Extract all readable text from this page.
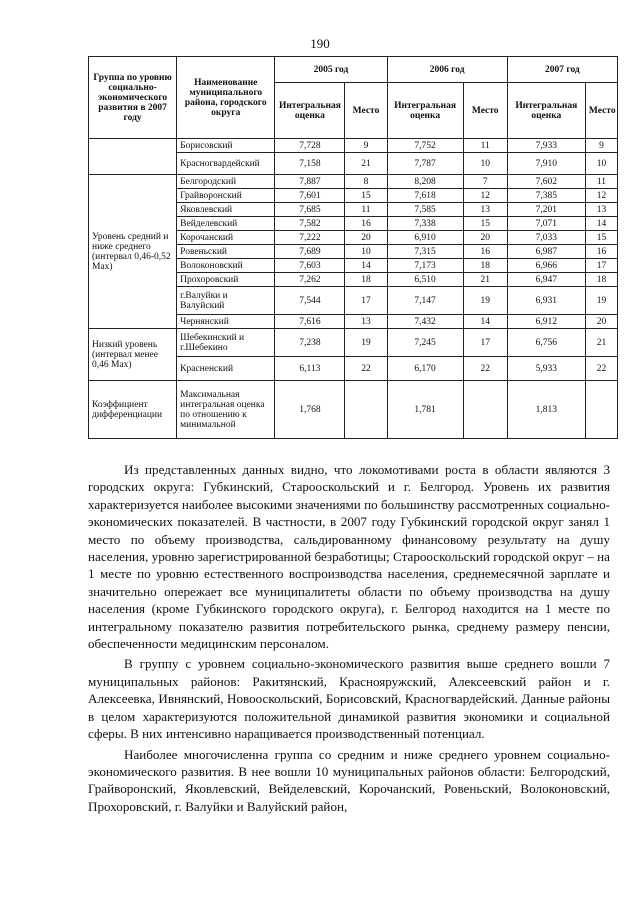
190
Группа по уровню социально-экономического развития в 2007 году	Наименование муниципального района, городского округа	2005 год		2006 год		2007 год	
		Интегральная оценка	Место	Интегральная оценка	Место	Интегральная оценка	Место
	Борисовский	7,728	9	7,752	11	7,933	9
	Красногвардейский	7,158	21	7,787	10	7,910	10
Уровень средний и ниже среднего (интервал 0,46-0,52 Max)	Белгородский	7,887	8	8,208	7	7,602	11
	Грайворонский	7,601	15	7,618	12	7,385	12
	Яковлевский	7,685	11	7,585	13	7,201	13
	Вейделевский	7,582	16	7,338	15	7,071	14
	Корочанский	7,222	20	6,910	20	7,033	15
	Ровеньский	7,689	10	7,315	16	6,987	16
	Волоконовский	7,603	14	7,173	18	6,966	17
	Прохоровский	7,262	18	6,510	21	6,947	18
	г.Валуйки и Валуйский	7,544	17	7,147	19	6,931	19
	Чернянский	7,616	13	7,432	14	6,912	20
Низкий уровень (интервал менее 0,46 Max)	Шебекинский и г.Шебекино	7,238	19	7,245	17	6,756	21
	Красненский	6,113	22	6,170	22	5,933	22
Коэффициент дифференциации	Максимальная интегральная оценка по отношению к минимальной	1,768		1,781		1,813	

Из представленных данных видно, что локомотивами роста в области являются 3 городских округа: Губкинский, Старооскольский и г. Белгород. Уровень их развития характеризуется наиболее высокими значениями по большинству рассмотренных социально-экономических показателей. В частности, в 2007 году Губкинский городской округ занял 1 место по объему производства, сальдированному финансовому результату на душу населения, уровню зарегистрированной безработицы; Старооскольский городской округ – на 1 месте по уровню естественного воспроизводства населения, среднемесячной зарплате и значительно опережает все муниципалитеты области по объему производства на душу населения (кроме Губкинского городского округа), г. Белгород находится на 1 месте по интегральному показателю развития потребительского рынка, среднему размеру пенсии, обеспеченности медицинским персоналом.

В группу с уровнем социально-экономического развития выше среднего вошли 7 муниципальных районов: Ракитянский, Краснояружский, Алексеевский район и г. Алексеевка, Ивнянский, Новооскольский, Борисовский, Красногвардейский. Данные районы в целом характеризуются положительной динамикой развития экономики и социальной сферы. В них интенсивно наращивается производственный потенциал.

Наиболее многочисленна группа со средним и ниже среднего уровнем социально-экономического развития. В нее вошли 10 муниципальных районов области: Белгородский, Грайворонский, Яковлевский, Вейделевский, Корочанский, Ровеньский, Волоконовский, Прохоровский, г. Валуйки и Валуйский район,
